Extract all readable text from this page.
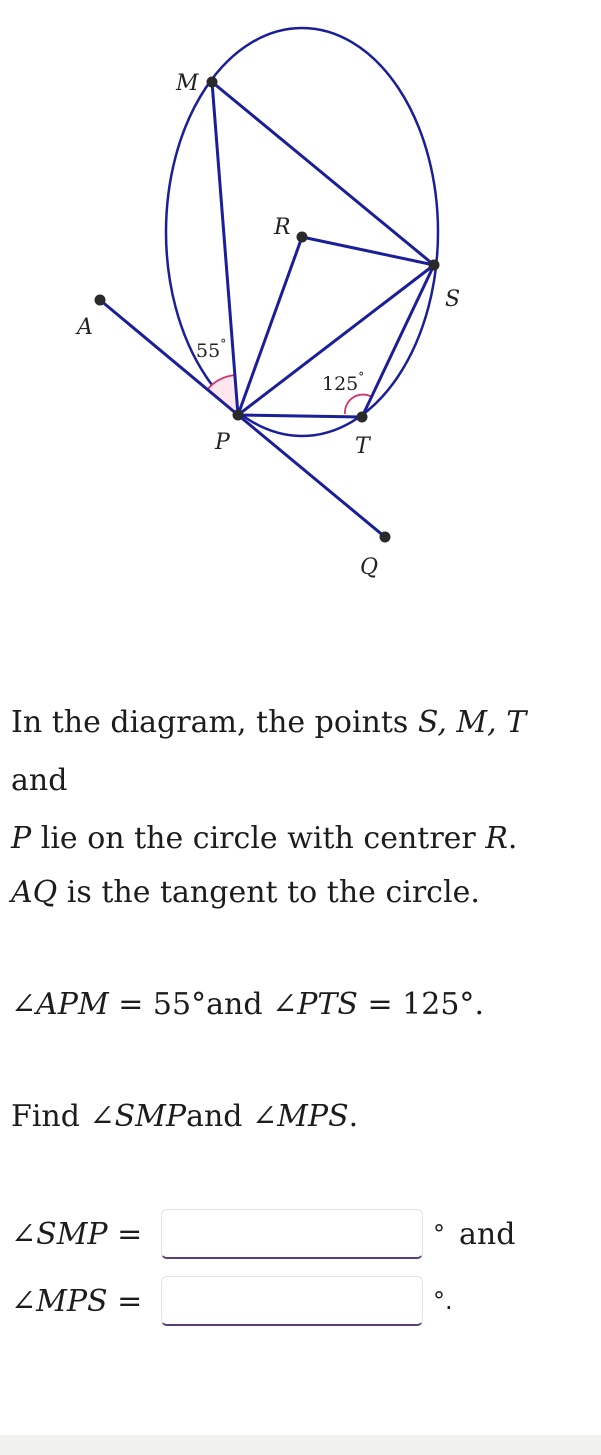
M
R
S
A
P	T
Q
55°
125°

In the diagram, the points S, M, T and
P lie on the circle with centrer R.

AQ is the tangent to the circle.

∠APM = 55°and ∠PTS = 125°.

Find ∠SMPand ∠MPS.

∠SMP =	° and
∠MPS =	°.
